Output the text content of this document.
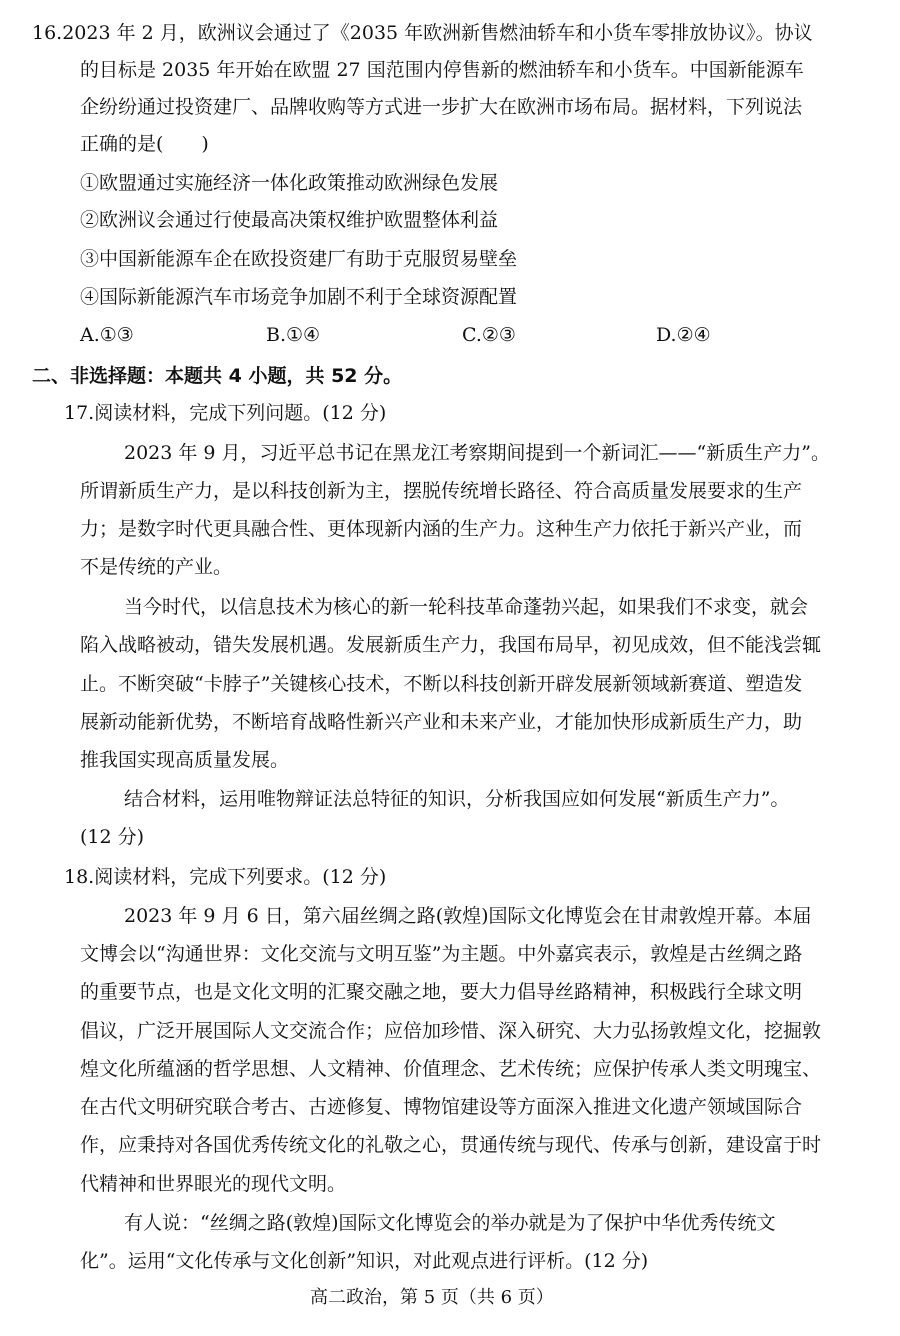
16.2023 年 2 月，欧洲议会通过了《2035 年欧洲新售燃油轿车和小货车零排放协议》。协议
的目标是 2035 年开始在欧盟 27 国范围内停售新的燃油轿车和小货车。中国新能源车
企纷纷通过投资建厂、品牌收购等方式进一步扩大在欧洲市场布局。据材料，下列说法
正确的是(　　)
①欧盟通过实施经济一体化政策推动欧洲绿色发展
②欧洲议会通过行使最高决策权维护欧盟整体利益
③中国新能源车企在欧投资建厂有助于克服贸易壁垒
④国际新能源汽车市场竞争加剧不利于全球资源配置
A.①③	B.①④	C.②③	D.②④
二、非选择题：本题共 4 小题，共 52 分。
17.阅读材料，完成下列问题。(12 分)
2023 年 9 月，习近平总书记在黑龙江考察期间提到一个新词汇——“新质生产力”。
所谓新质生产力，是以科技创新为主，摆脱传统增长路径、符合高质量发展要求的生产
力；是数字时代更具融合性、更体现新内涵的生产力。这种生产力依托于新兴产业，而
不是传统的产业。
当今时代，以信息技术为核心的新一轮科技革命蓬勃兴起，如果我们不求变，就会
陷入战略被动，错失发展机遇。发展新质生产力，我国布局早，初见成效，但不能浅尝辄
止。不断突破“卡脖子”关键核心技术，不断以科技创新开辟发展新领域新赛道、塑造发
展新动能新优势，不断培育战略性新兴产业和未来产业，才能加快形成新质生产力，助
推我国实现高质量发展。
结合材料，运用唯物辩证法总特征的知识，分析我国应如何发展“新质生产力”。
(12 分)
18.阅读材料，完成下列要求。(12 分)
2023 年 9 月 6 日，第六届丝绸之路(敦煌)国际文化博览会在甘肃敦煌开幕。本届
文博会以“沟通世界：文化交流与文明互鉴”为主题。中外嘉宾表示，敦煌是古丝绸之路
的重要节点，也是文化文明的汇聚交融之地，要大力倡导丝路精神，积极践行全球文明
倡议，广泛开展国际人文交流合作；应倍加珍惜、深入研究、大力弘扬敦煌文化，挖掘敦
煌文化所蕴涵的哲学思想、人文精神、价值理念、艺术传统；应保护传承人类文明瑰宝、
在古代文明研究联合考古、古迹修复、博物馆建设等方面深入推进文化遗产领域国际合
作，应秉持对各国优秀传统文化的礼敬之心，贯通传统与现代、传承与创新，建设富于时
代精神和世界眼光的现代文明。
有人说：“丝绸之路(敦煌)国际文化博览会的举办就是为了保护中华优秀传统文
化”。运用“文化传承与文化创新”知识，对此观点进行评析。(12 分)
高二政治，第 5 页（共 6 页）
